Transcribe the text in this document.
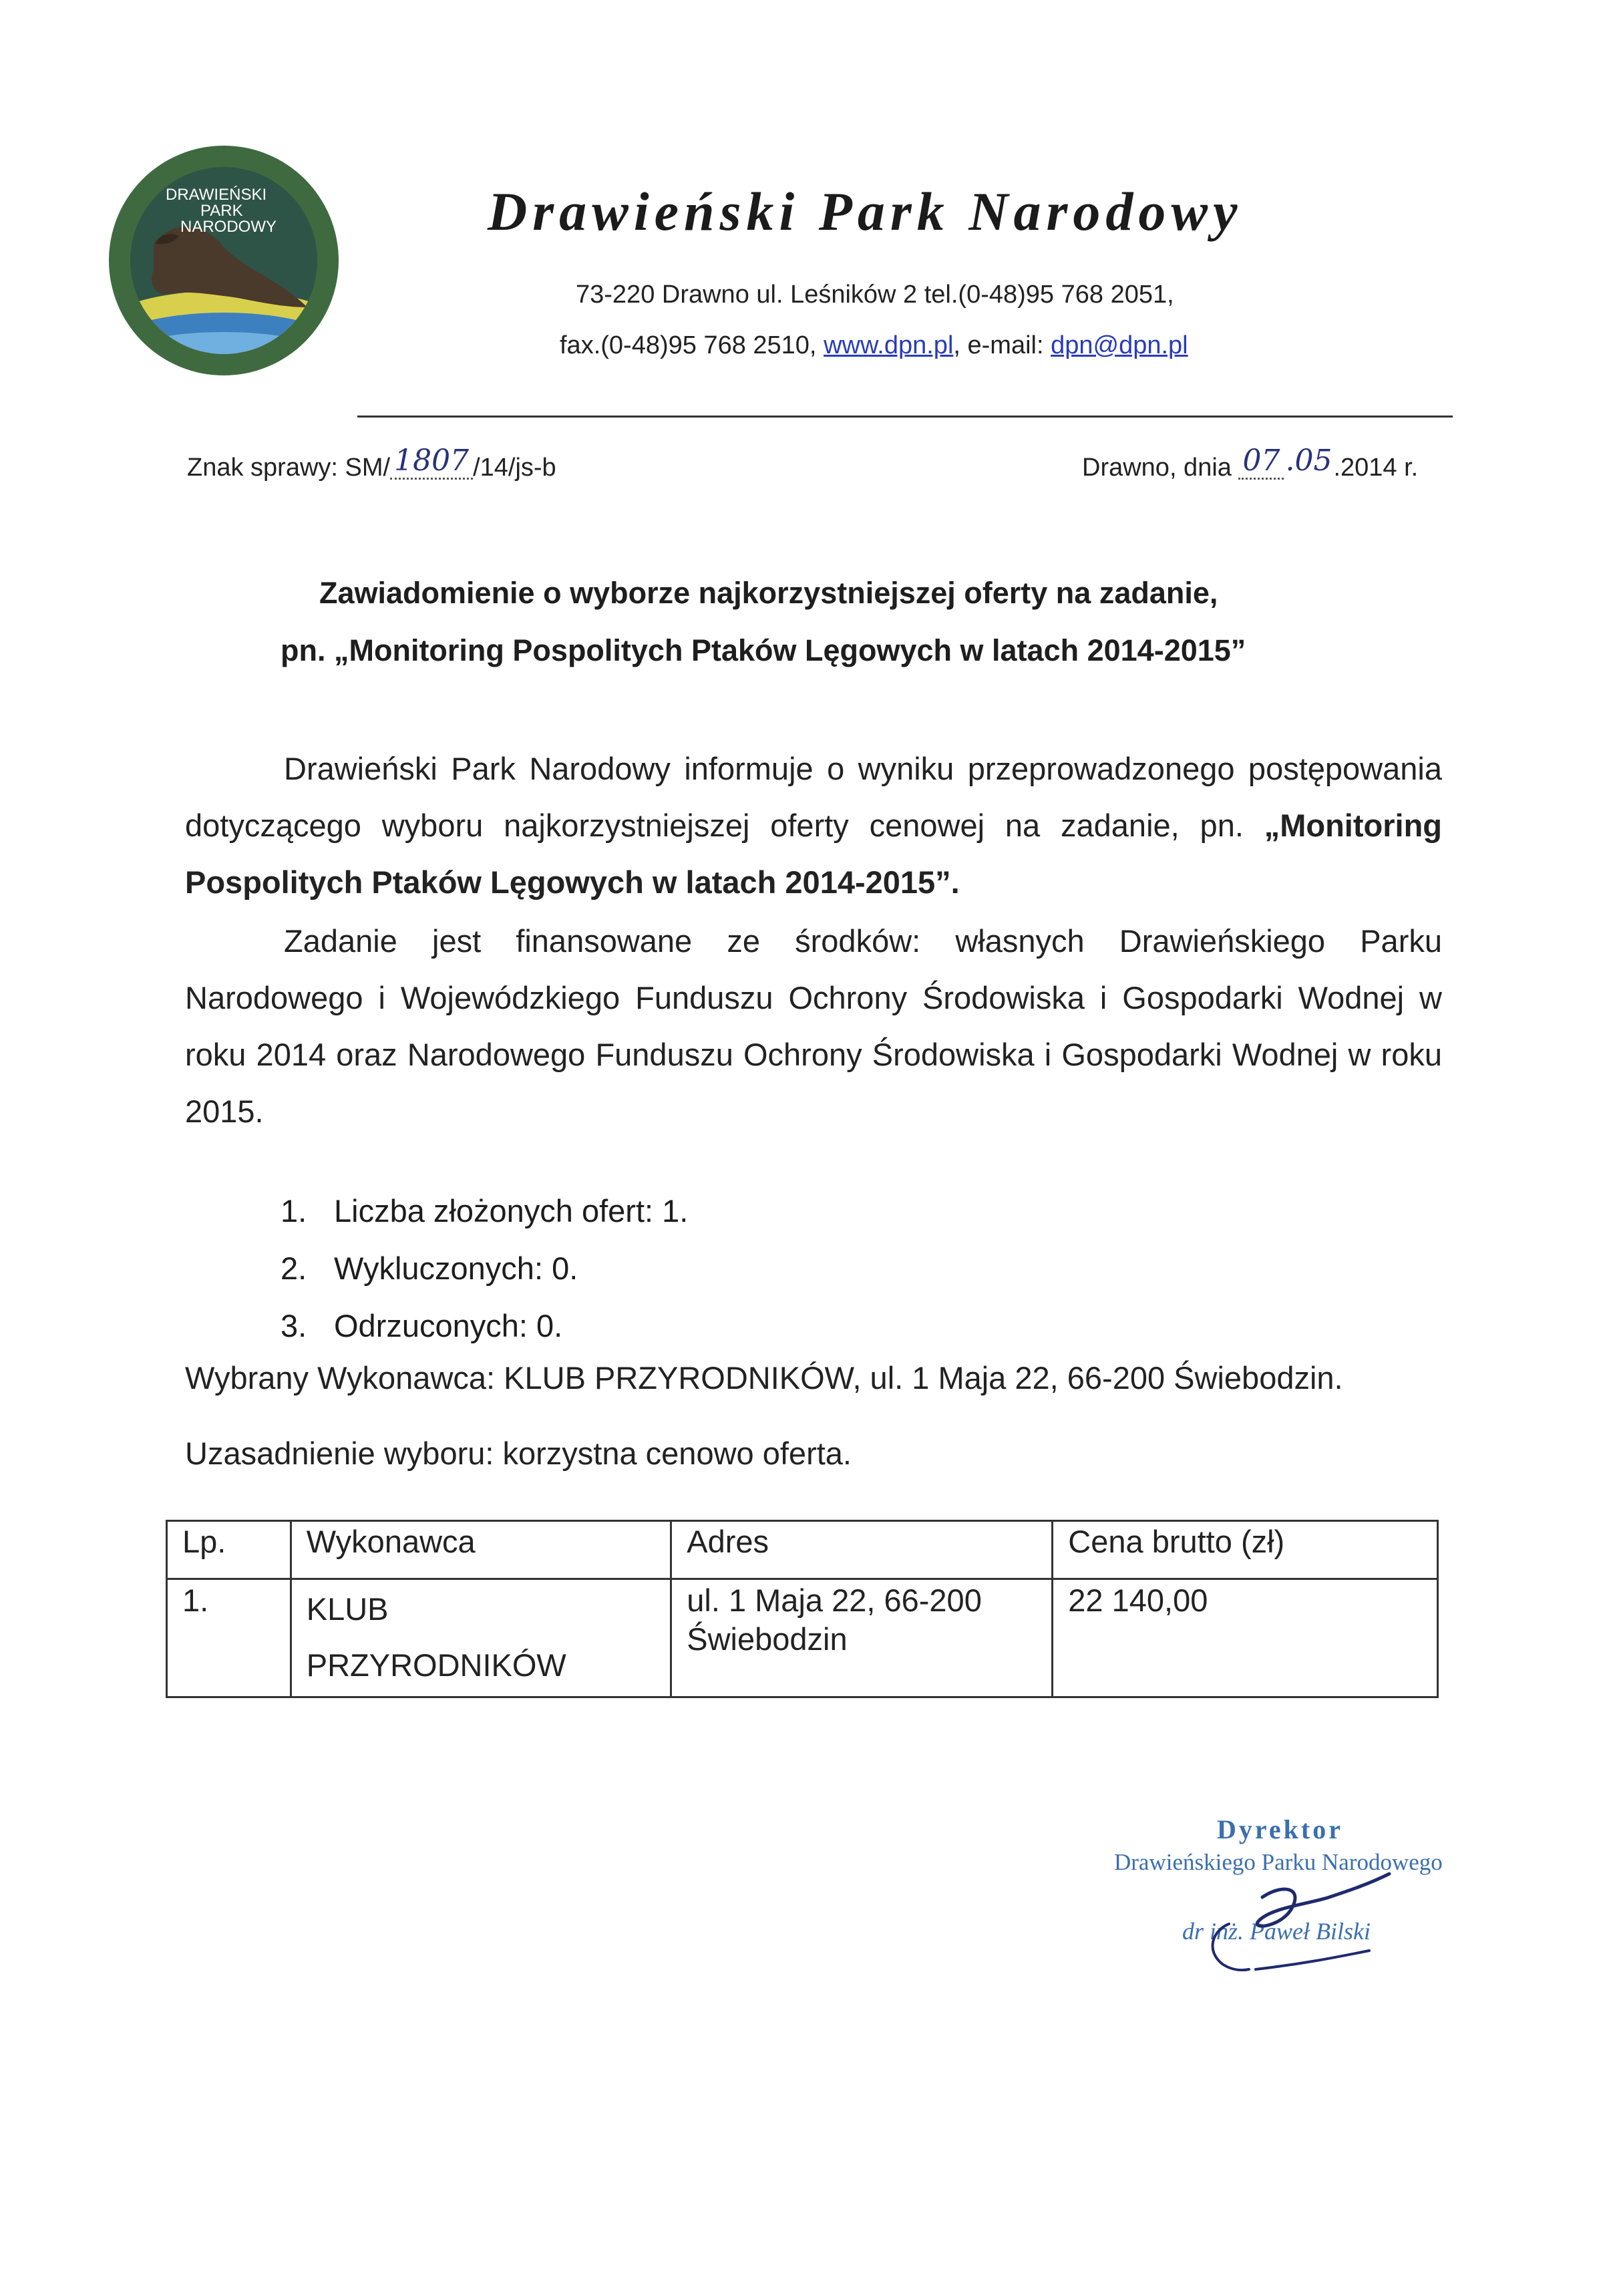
DRAWIEŃSKI
PARK
NARODOWY	Drawieński Park Narodowy
73-220 Drawno ul. Leśników 2 tel.(0-48)95 768 2051,
fax.(0-48)95 768 2510, www.dpn.pl, e-mail: dpn@dpn.pl
Znak sprawy: SM/ 1807 /14/js-b	Drawno, dnia 07 .05.2014 r.
Zawiadomienie o wyborze najkorzystniejszej oferty na zadanie,
pn. „Monitoring Pospolitych Ptaków Lęgowych w latach 2014-2015”
Drawieński Park Narodowy informuje o wyniku przeprowadzonego postępowania dotyczącego wyboru najkorzystniejszej oferty cenowej na zadanie, pn. „Monitoring Pospolitych Ptaków Lęgowych w latach 2014-2015”.
Zadanie jest finansowane ze środków: własnych Drawieńskiego Parku Narodowego i Wojewódzkiego Funduszu Ochrony Środowiska i Gospodarki Wodnej w roku 2014 oraz Narodowego Funduszu Ochrony Środowiska i Gospodarki Wodnej w roku 2015.
1. Liczba złożonych ofert: 1.
2. Wykluczonych: 0.
3. Odrzuconych: 0.
Wybrany Wykonawca: KLUB PRZYRODNIKÓW, ul. 1 Maja 22, 66-200 Świebodzin.
Uzasadnienie wyboru: korzystna cenowo oferta.
Lp.	Wykonawca	Adres	Cena brutto (zł)
1.	KLUB PRZYRODNIKÓW	ul. 1 Maja 22, 66-200 Świebodzin	22 140,00
Dyrektor
Drawieńskiego Parku Narodowego
dr inż. Paweł Bilski
